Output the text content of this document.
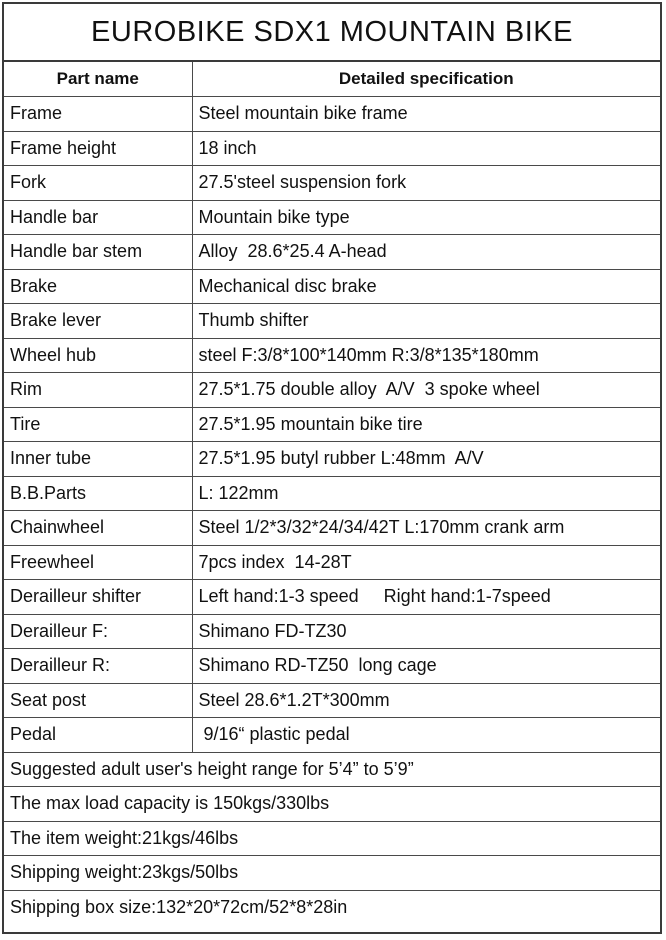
EUROBIKE SDX1 MOUNTAIN BIKE
Part name	Detailed specification
Frame	Steel mountain bike frame
Frame height	18 inch
Fork	27.5'steel suspension fork
Handle bar	Mountain bike type
Handle bar stem	Alloy  28.6*25.4 A-head
Brake	Mechanical disc brake
Brake lever	Thumb shifter
Wheel hub	steel F:3/8*100*140mm R:3/8*135*180mm
Rim	27.5*1.75 double alloy  A/V  3 spoke wheel
Tire	27.5*1.95 mountain bike tire
Inner tube	27.5*1.95 butyl rubber L:48mm  A/V
B.B.Parts	L: 122mm
Chainwheel	Steel 1/2*3/32*24/34/42T L:170mm crank arm
Freewheel	7pcs index  14-28T
Derailleur shifter	Left hand:1-3 speed     Right hand:1-7speed
Derailleur F:	Shimano FD-TZ30
Derailleur R:	Shimano RD-TZ50  long cage
Seat post	Steel 28.6*1.2T*300mm
Pedal	9/16“ plastic pedal
Suggested adult user's height range for 5’4” to 5’9”	
The max load capacity is 150kgs/330lbs	
The item weight:21kgs/46lbs	
Shipping weight:23kgs/50lbs	
Shipping box size:132*20*72cm/52*8*28in	
